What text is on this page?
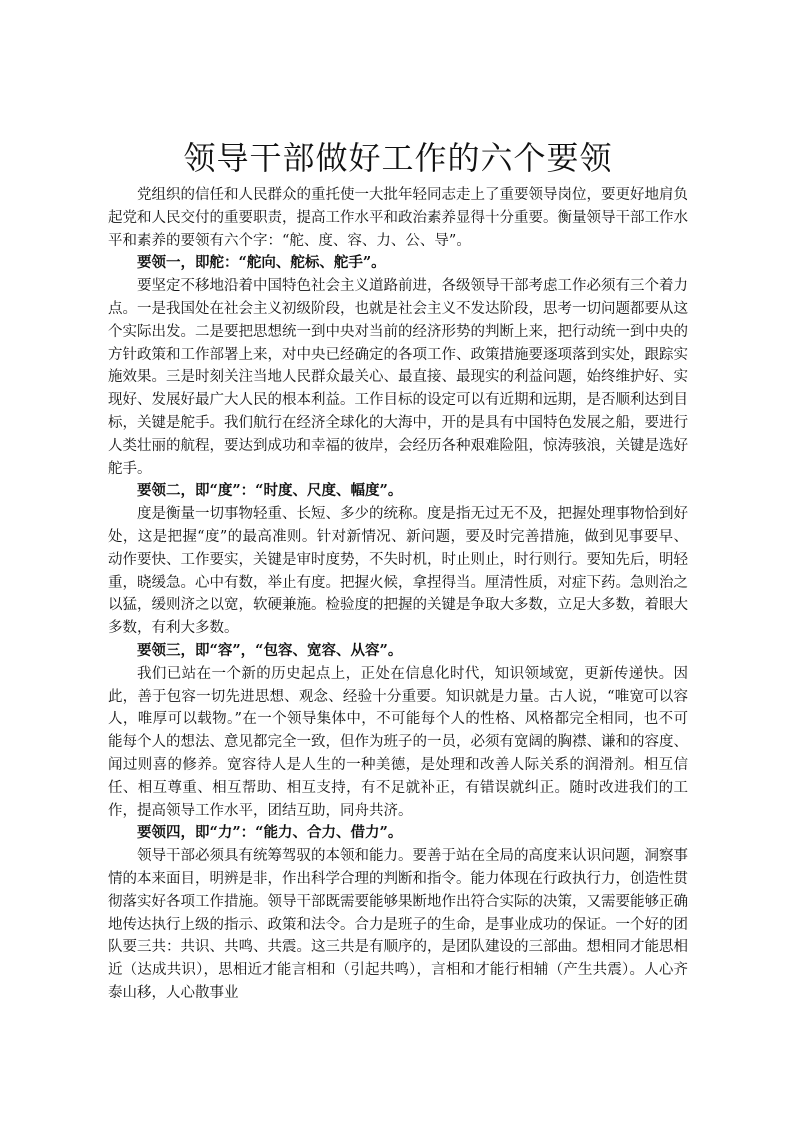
领导干部做好工作的六个要领

党组织的信任和人民群众的重托使一大批年轻同志走上了重要领导岗位，要更好地肩负起党和人民交付的重要职责，提高工作水平和政治素养显得十分重要。衡量领导干部工作水平和素养的要领有六个字：“舵、度、容、力、公、导”。

要领一，即舵：“舵向、舵标、舵手”。

要坚定不移地沿着中国特色社会主义道路前进，各级领导干部考虑工作必须有三个着力点。一是我国处在社会主义初级阶段，也就是社会主义不发达阶段，思考一切问题都要从这个实际出发。二是要把思想统一到中央对当前的经济形势的判断上来，把行动统一到中央的方针政策和工作部署上来，对中央已经确定的各项工作、政策措施要逐项落到实处，跟踪实施效果。三是时刻关注当地人民群众最关心、最直接、最现实的利益问题，始终维护好、实现好、发展好最广大人民的根本利益。工作目标的设定可以有近期和远期，是否顺利达到目标，关键是舵手。我们航行在经济全球化的大海中，开的是具有中国特色发展之船，要进行人类壮丽的航程，要达到成功和幸福的彼岸，会经历各种艰难险阻，惊涛骇浪，关键是选好舵手。

要领二，即“度”：“时度、尺度、幅度”。

度是衡量一切事物轻重、长短、多少的统称。度是指无过无不及，把握处理事物恰到好处，这是把握“度”的最高准则。针对新情况、新问题，要及时完善措施，做到见事要早、动作要快、工作要实，关键是审时度势，不失时机，时止则止，时行则行。要知先后，明轻重，晓缓急。心中有数，举止有度。把握火候，拿捏得当。厘清性质，对症下药。急则治之以猛，缓则济之以宽，软硬兼施。检验度的把握的关键是争取大多数，立足大多数，着眼大多数，有利大多数。

要领三，即“容”，“包容、宽容、从容”。

我们已站在一个新的历史起点上，正处在信息化时代，知识领域宽，更新传递快。因此，善于包容一切先进思想、观念、经验十分重要。知识就是力量。古人说，“唯宽可以容人，唯厚可以载物。”在一个领导集体中，不可能每个人的性格、风格都完全相同，也不可能每个人的想法、意见都完全一致，但作为班子的一员，必须有宽阔的胸襟、谦和的容度、闻过则喜的修养。宽容待人是人生的一种美德，是处理和改善人际关系的润滑剂。相互信任、相互尊重、相互帮助、相互支持，有不足就补正，有错误就纠正。随时改进我们的工作，提高领导工作水平，团结互助，同舟共济。

要领四，即“力”：“能力、合力、借力”。

领导干部必须具有统筹驾驭的本领和能力。要善于站在全局的高度来认识问题，洞察事情的本来面目，明辨是非，作出科学合理的判断和指令。能力体现在行政执行力，创造性贯彻落实好各项工作措施。领导干部既需要能够果断地作出符合实际的决策，又需要能够正确地传达执行上级的指示、政策和法令。合力是班子的生命，是事业成功的保证。一个好的团队要三共：共识、共鸣、共震。这三共是有顺序的，是团队建设的三部曲。想相同才能思相近（达成共识），思相近才能言相和（引起共鸣），言相和才能行相辅（产生共震）。人心齐泰山移，人心散事业
